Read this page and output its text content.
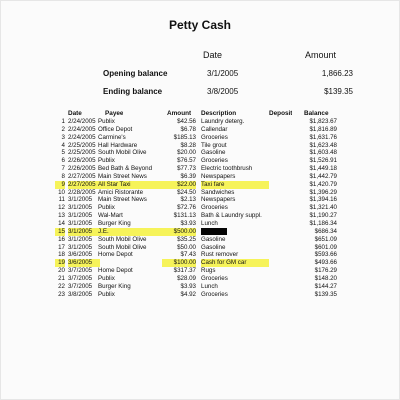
Petty Cash
Date	Amount
Opening balance	3/1/2005	1,866.23
Ending balance	3/8/2005	$139.35
Date	Payee	Amount Description	Deposit Balance
1 2/24/2005 Publix	$42.56 Laundry deterg.	$1,823.67
2 2/24/2005 Office Depot	$6.78 Callendar	$1,816.89
3 2/24/2005 Carmine's	$185.13 Groceries	$1,631.76
4 2/25/2005 Hall Hardware	$8.28 Tile grout	$1,623.48
5 2/25/2005 South Mobil Olive	$20.00 Gasoline	$1,603.48
6 2/26/2005 Publix	$76.57 Groceries	$1,526.91
7 2/26/2005 Bed Bath & Beyond	$77.73 Electric toothbrush	$1,449.18
8 2/27/2005 Main Street News	$6.39 Newspapers	$1,442.79
9 2/27/2005 All Star Taxi	$22.00 Taxi fare	$1,420.79
10 2/28/2005 Amici Ristorante	$24.50 Sandwiches	$1,396.29
11 3/1/2005 Main Street News	$2.13 Newspapers	$1,394.16
12 3/1/2005 Publix	$72.76 Groceries	$1,321.40
13 3/1/2005 Wal-Mart	$131.13 Bath & Laundry suppl.	$1,190.27
14 3/1/2005 Burger King	$3.93 Lunch	$1,186.34
15 3/1/2005 J.E.	$500.00	$686.34
16 3/1/2005 South Mobil Olive	$35.25 Gasoline	$651.09
17 3/1/2005 South Mobil Olive	$50.00 Gasoline	$601.09
18 3/6/2005 Home Depot	$7.43 Rust remover	$593.66
19 3/6/2005	$100.00 Cash for GM car	$493.66
20 3/7/2005 Home Depot	$317.37 Rugs	$176.29
21 3/7/2005 Publix	$28.09 Groceries	$148.20
22 3/7/2005 Burger King	$3.93 Lunch	$144.27
23 3/8/2005 Publix	$4.92 Groceries	$139.35
